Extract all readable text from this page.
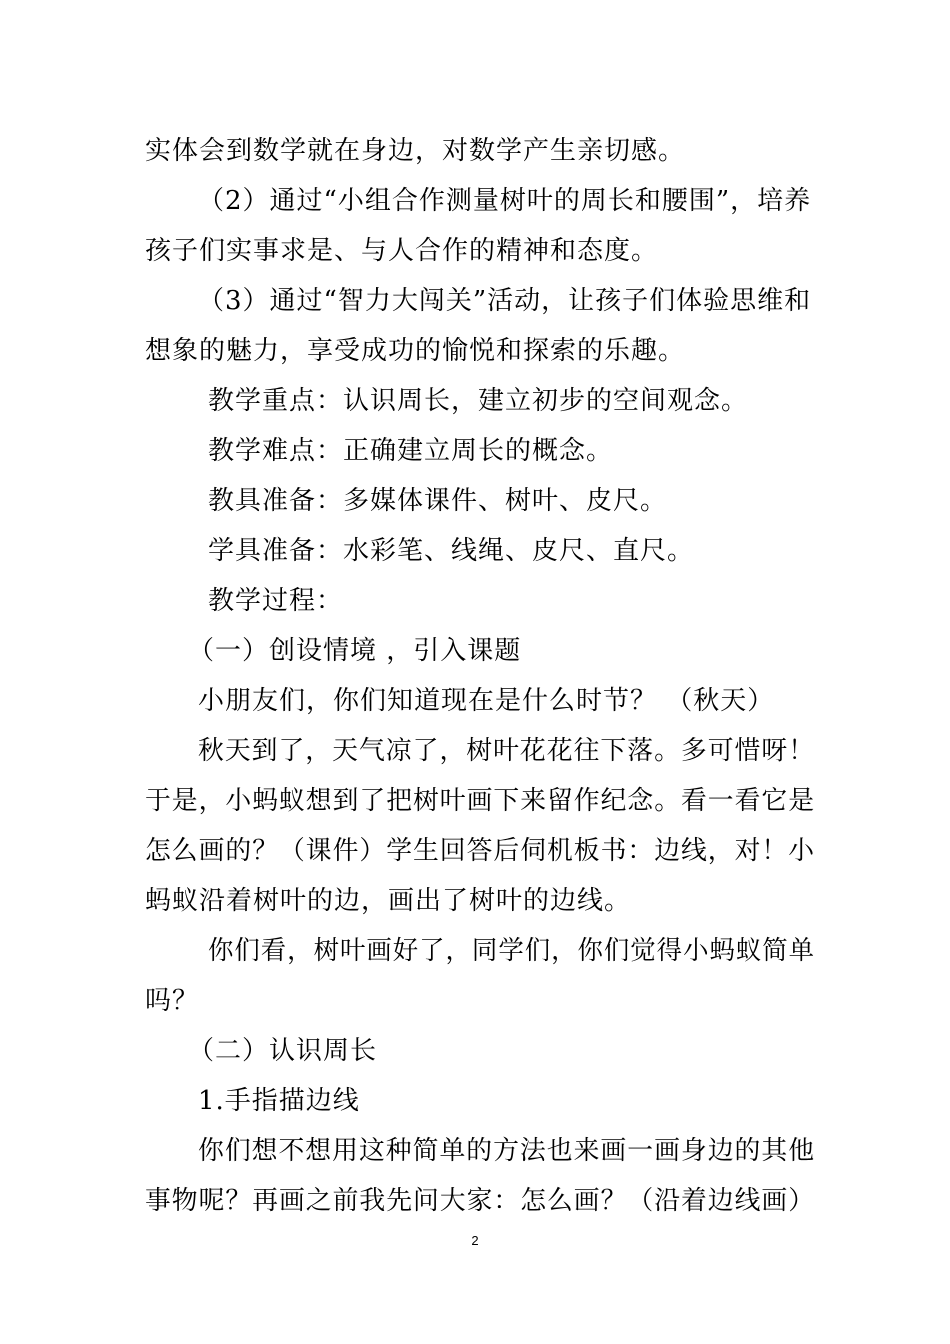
实体会到数学就在身边，对数学产生亲切感。
（2）通过“小组合作测量树叶的周长和腰围”，培养
孩子们实事求是、与人合作的精神和态度。
（3）通过“智力大闯关”活动，让孩子们体验思维和
想象的魅力，享受成功的愉悦和探索的乐趣。
教学重点：认识周长，建立初步的空间观念。
教学难点：正确建立周长的概念。
教具准备：多媒体课件、树叶、皮尺。
学具准备：水彩笔、线绳、皮尺、直尺。
教学过程：
（一）创设情境 ，引入课题
小朋友们，你们知道现在是什么时节？ （秋天）
秋天到了，天气凉了，树叶花花往下落。多可惜呀！
于是，小蚂蚁想到了把树叶画下来留作纪念。看一看它是
怎么画的？（课件）学生回答后伺机板书：边线，对！小
蚂蚁沿着树叶的边，画出了树叶的边线。
你们看，树叶画好了，同学们，你们觉得小蚂蚁简单
吗？
（二）认识周长
1.手指描边线
你们想不想用这种简单的方法也来画一画身边的其他
事物呢？再画之前我先问大家：怎么画？（沿着边线画）
2
